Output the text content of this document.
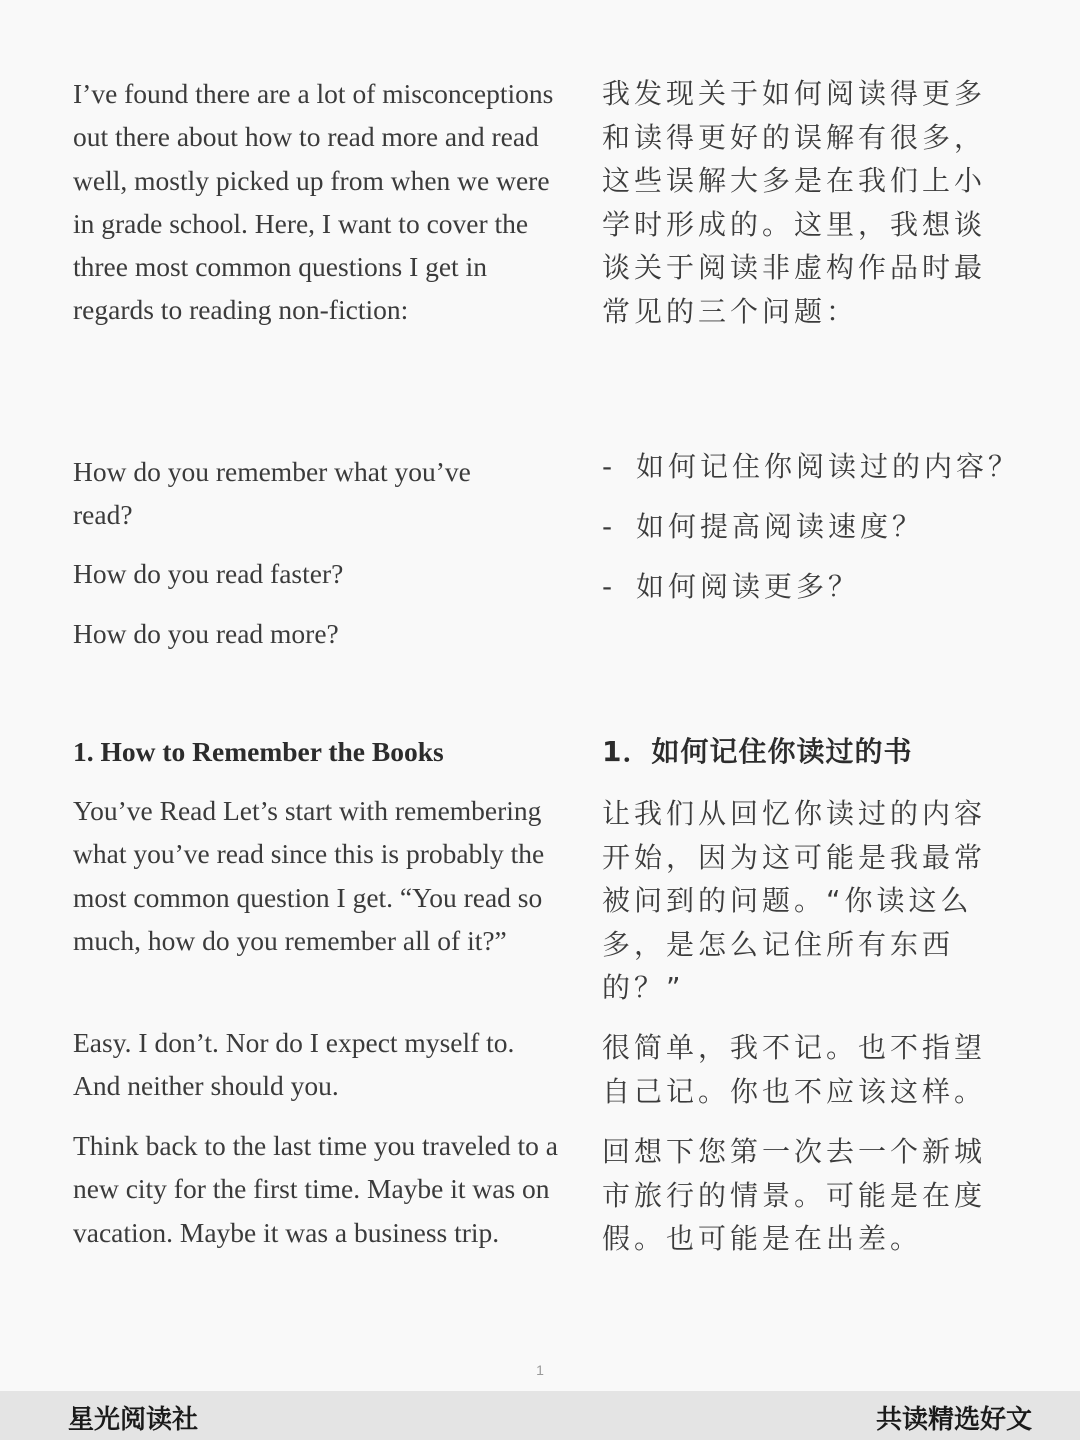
I’ve found there are a lot of misconceptions out there about how to read more and read well, mostly picked up from when we were in grade school. Here, I want to cover the three most common questions I get in regards to reading non-fiction:

我发现关于如何阅读得更多和读得更好的误解有很多，这些误解大多是在我们上小学时形成的。这里，我想谈谈关于阅读非虚构作品时最常见的三个问题：

How do you remember what you’ve read?

How do you read faster?

How do you read more?

- 如何记住你阅读过的内容？

- 如何提高阅读速度？

- 如何阅读更多？

1. How to Remember the Books	1．如何记住你读过的书

You’ve Read Let’s start with remembering what you’ve read since this is probably the most common question I get. “You read so much, how do you remember all of it?”

Easy. I don’t. Nor do I expect myself to. And neither should you.

Think back to the last time you traveled to a new city for the first time. Maybe it was on vacation. Maybe it was a business trip.

让我们从回忆你读过的内容开始，因为这可能是我最常被问到的问题。“你读这么多，是怎么记住所有东西的？”

很简单，我不记。也不指望自己记。你也不应该这样。

回想下您第一次去一个新城市旅行的情景。可能是在度假。也可能是在出差。

1
星光阅读社	共读精选好文
